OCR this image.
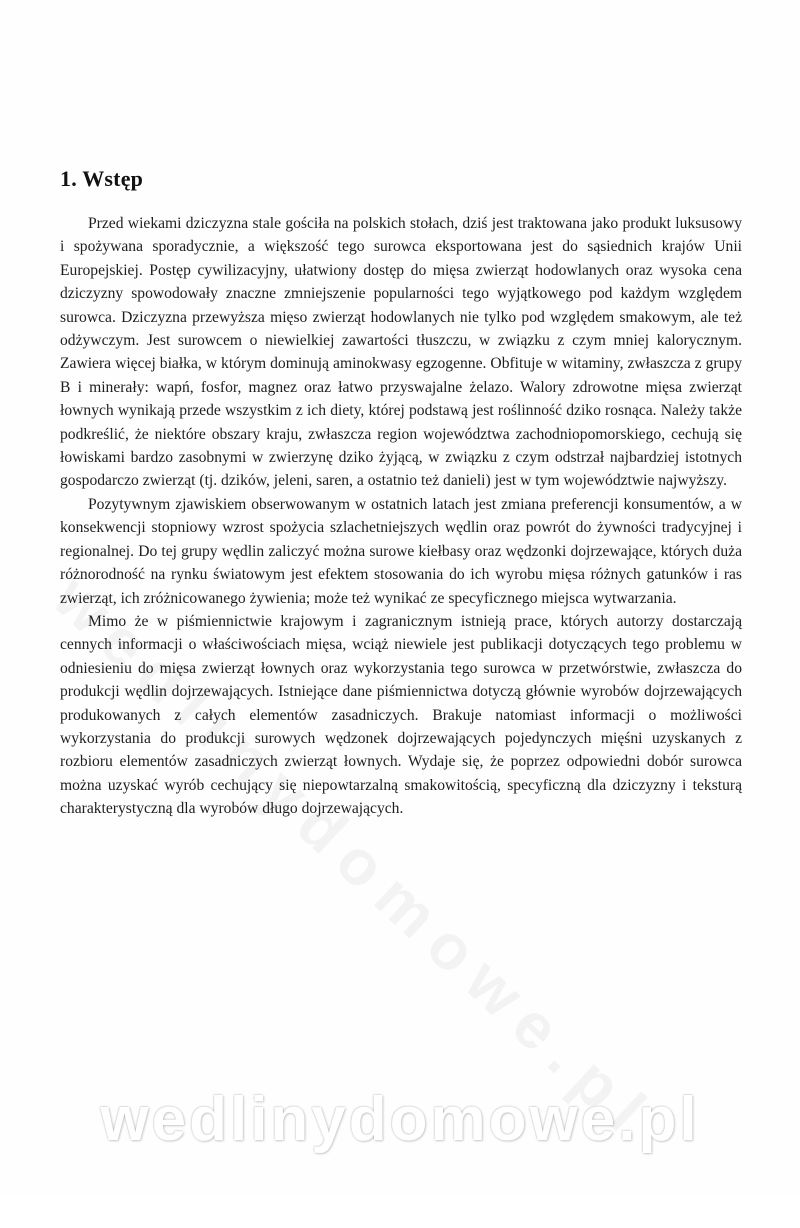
1. Wstęp

Przed wiekami dziczyzna stale gościła na polskich stołach, dziś jest traktowana jako produkt luksusowy i spożywana sporadycznie, a większość tego surowca eksportowana jest do sąsiednich krajów Unii Europejskiej. Postęp cywilizacyjny, ułatwiony dostęp do mięsa zwierząt hodowlanych oraz wysoka cena dziczyzny spowodowały znaczne zmniejszenie popularności tego wyjątkowego pod każdym względem surowca. Dziczyzna przewyższa mięso zwierząt hodowlanych nie tylko pod względem smakowym, ale też odżywczym. Jest surowcem o niewielkiej zawartości tłuszczu, w związku z czym mniej kalorycznym. Zawiera więcej białka, w którym dominują aminokwasy egzogenne. Obfituje w witaminy, zwłaszcza z grupy B i minerały: wapń, fosfor, magnez oraz łatwo przyswajalne żelazo. Walory zdrowotne mięsa zwierząt łownych wynikają przede wszystkim z ich diety, której podstawą jest roślinność dziko rosnąca. Należy także podkreślić, że niektóre obszary kraju, zwłaszcza region województwa zachodniopomorskiego, cechują się łowiskami bardzo zasobnymi w zwierzynę dziko żyjącą, w związku z czym odstrzał najbardziej istotnych gospodarczo zwierząt (tj. dzików, jeleni, saren, a ostatnio też danieli) jest w tym województwie najwyższy.

Pozytywnym zjawiskiem obserwowanym w ostatnich latach jest zmiana preferencji konsumentów, a w konsekwencji stopniowy wzrost spożycia szlachetniejszych wędlin oraz powrót do żywności tradycyjnej i regionalnej. Do tej grupy wędlin zaliczyć można surowe kiełbasy oraz wędzonki dojrzewające, których duża różnorodność na rynku światowym jest efektem stosowania do ich wyrobu mięsa różnych gatunków i ras zwierząt, ich zróżnicowanego żywienia; może też wynikać ze specyficznego miejsca wytwarzania.

Mimo że w piśmiennictwie krajowym i zagranicznym istnieją prace, których autorzy dostarczają cennych informacji o właściwościach mięsa, wciąż niewiele jest publikacji dotyczących tego problemu w odniesieniu do mięsa zwierząt łownych oraz wykorzystania tego surowca w przetwórstwie, zwłaszcza do produkcji wędlin dojrzewających. Istniejące dane piśmiennictwa dotyczą głównie wyrobów dojrzewających produkowanych z całych elementów zasadniczych. Brakuje natomiast informacji o możliwości wykorzystania do produkcji surowych wędzonek dojrzewających pojedynczych mięśni uzyskanych z rozbioru elementów zasadniczych zwierząt łownych. Wydaje się, że poprzez odpowiedni dobór surowca można uzyskać wyrób cechujący się niepowtarzalną smakowitością, specyficzną dla dziczyzny i teksturą charakterystyczną dla wyrobów długo dojrzewających.

wedlinydomowe.pl
